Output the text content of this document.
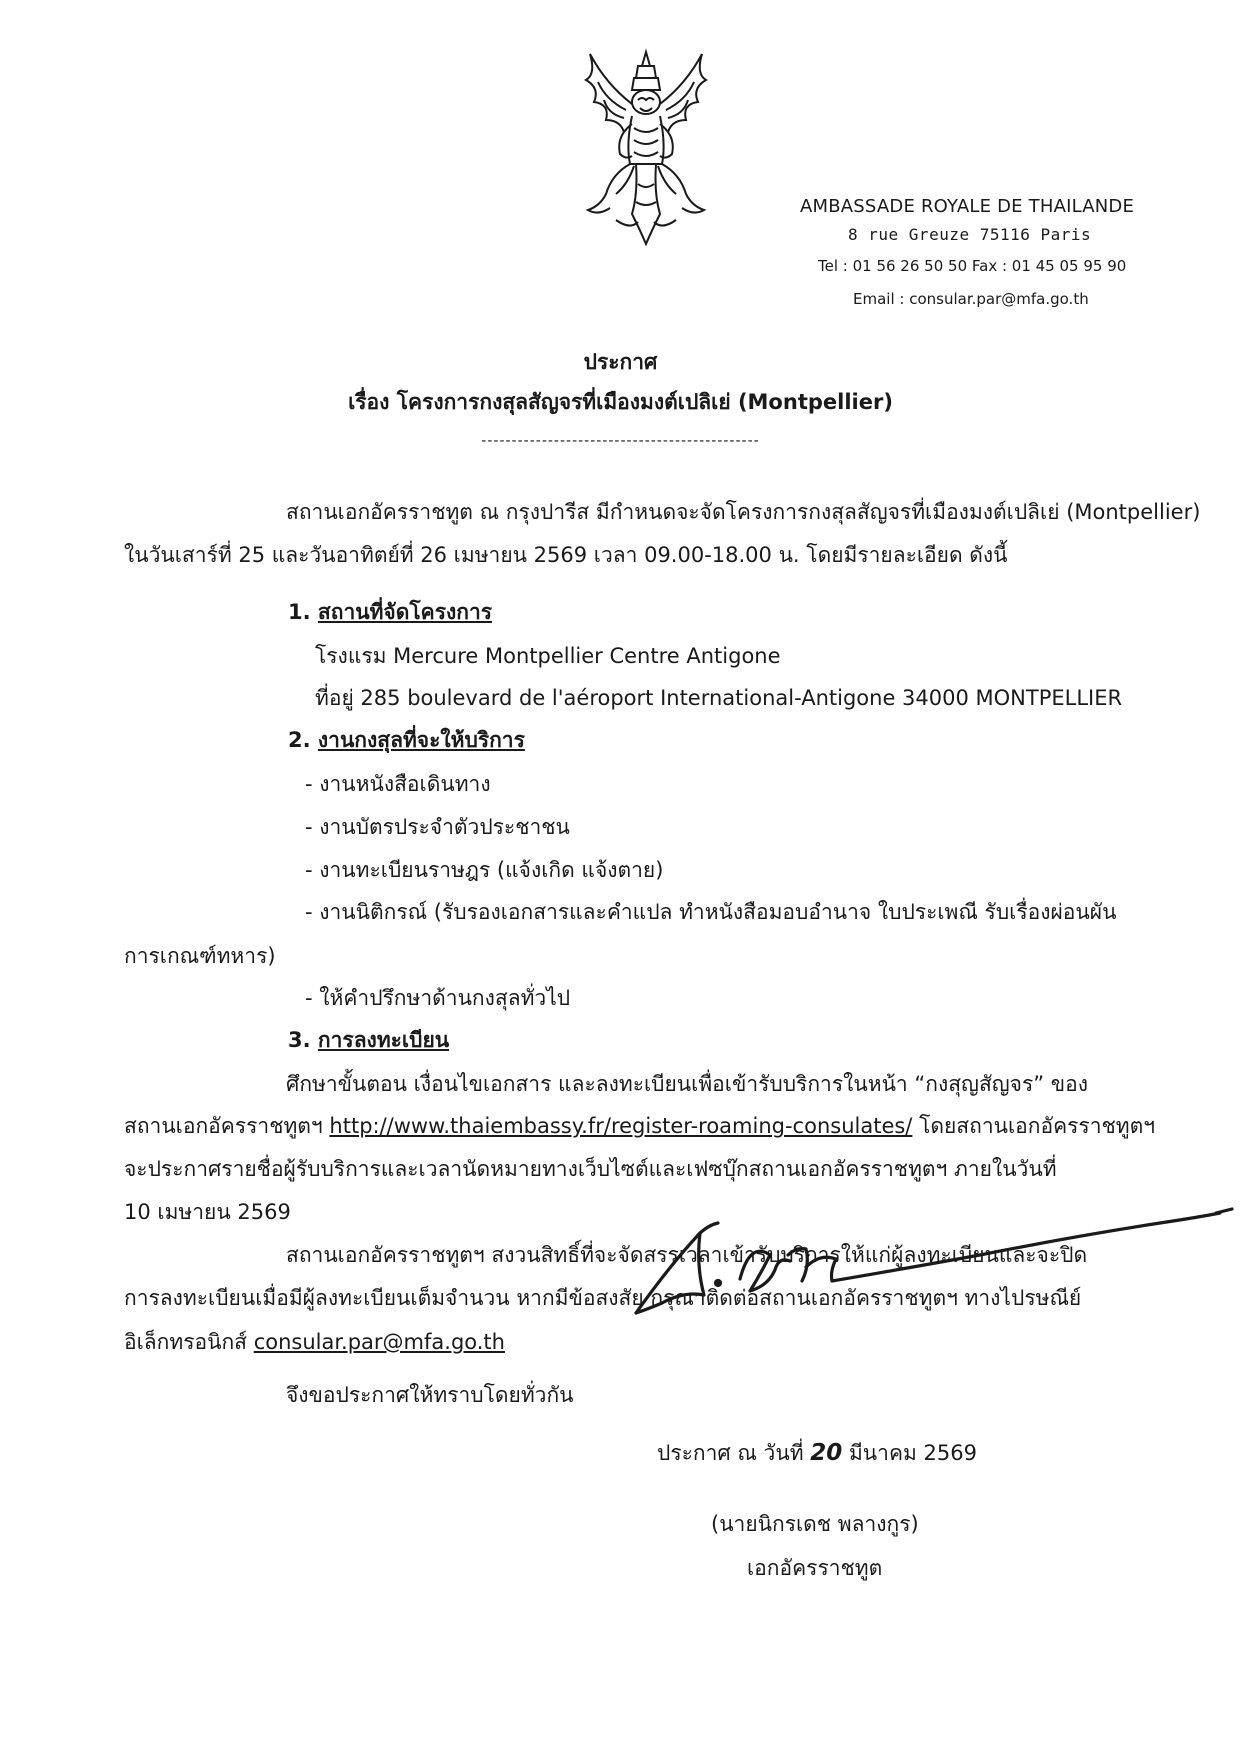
AMBASSADE ROYALE DE THAILANDE
8 rue Greuze 75116 Paris
Tel : 01 56 26 50 50 Fax : 01 45 05 95 90
Email : consular.par@mfa.go.th
ประกาศ
เรื่อง โครงการกงสุลสัญจรที่เมืองมงต์เปลิเย่ (Montpellier)
----------------------------------------------
สถานเอกอัครราชทูต ณ กรุงปารีส มีกำหนดจะจัดโครงการกงสุลสัญจรที่เมืองมงต์เปลิเย่ (Montpellier)
ในวันเสาร์ที่ 25 และวันอาทิตย์ที่ 26 เมษายน 2569 เวลา 09.00-18.00 น. โดยมีรายละเอียด ดังนี้
1. สถานที่จัดโครงการ
โรงแรม Mercure Montpellier Centre Antigone
ที่อยู่ 285 boulevard de l'aéroport International-Antigone 34000 MONTPELLIER
2. งานกงสุลที่จะให้บริการ
- งานหนังสือเดินทาง
- งานบัตรประจำตัวประชาชน
- งานทะเบียนราษฎร (แจ้งเกิด แจ้งตาย)
- งานนิติกรณ์ (รับรองเอกสารและคำแปล ทำหนังสือมอบอำนาจ ใบประเพณี รับเรื่องผ่อนผัน
การเกณฑ์ทหาร)
- ให้คำปรึกษาด้านกงสุลทั่วไป
3. การลงทะเบียน
ศึกษาขั้นตอน เงื่อนไขเอกสาร และลงทะเบียนเพื่อเข้ารับบริการในหน้า “กงสุญสัญจร” ของ
สถานเอกอัครราชทูตฯ http://www.thaiembassy.fr/register-roaming-consulates/ โดยสถานเอกอัครราชทูตฯ
จะประกาศรายชื่อผู้รับบริการและเวลานัดหมายทางเว็บไซต์และเฟซบุ๊กสถานเอกอัครราชทูตฯ ภายในวันที่
10 เมษายน 2569
สถานเอกอัครราชทูตฯ สงวนสิทธิ์ที่จะจัดสรรเวลาเข้ารับบริการให้แก่ผู้ลงทะเบียนและจะปิด
การลงทะเบียนเมื่อมีผู้ลงทะเบียนเต็มจำนวน หากมีข้อสงสัย กรุณาติดต่อสถานเอกอัครราชทูตฯ ทางไปรษณีย์
อิเล็กทรอนิกส์ consular.par@mfa.go.th
จึงขอประกาศให้ทราบโดยทั่วกัน
ประกาศ ณ วันที่ 20 มีนาคม 2569
(นายนิกรเดช พลางกูร)
เอกอัครราชทูต
